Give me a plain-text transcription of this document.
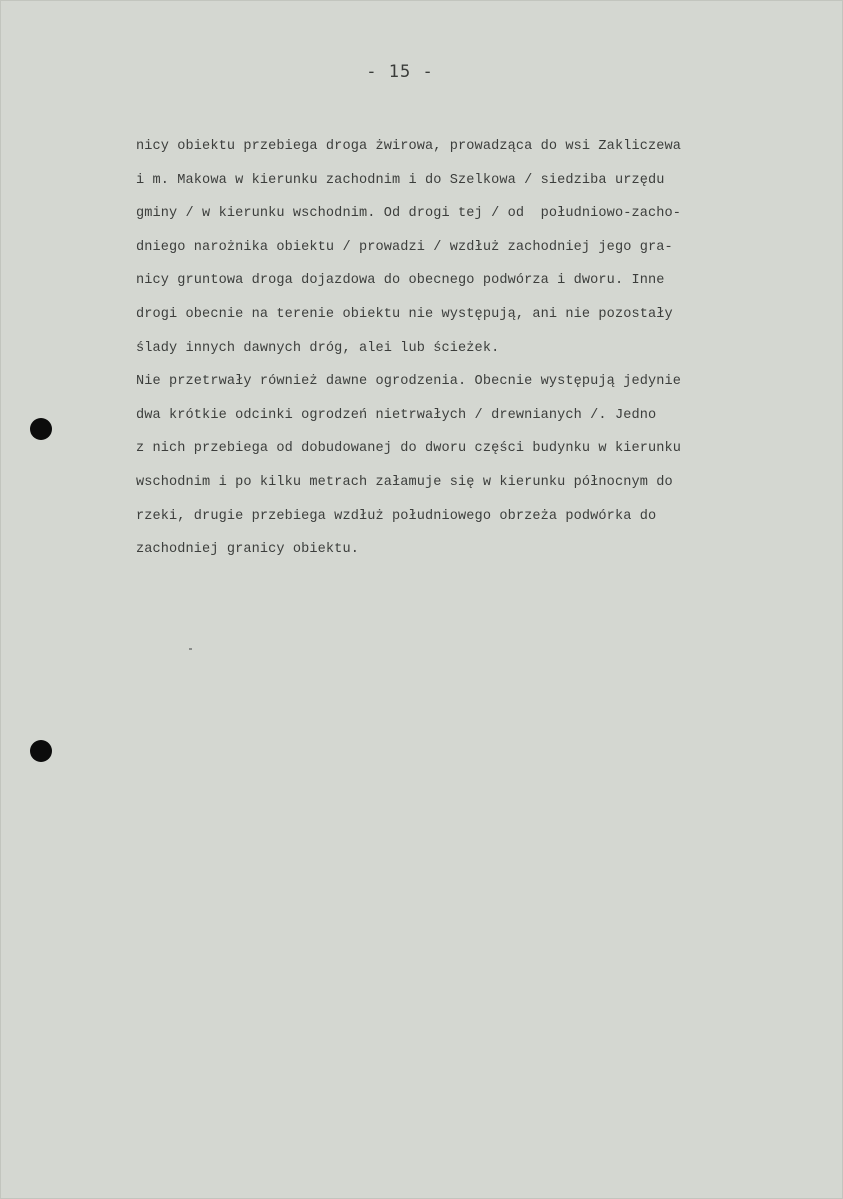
- 15 -
nicy obiektu przebiega droga żwirowa, prowadząca do wsi Zakliczewa
i m. Makowa w kierunku zachodnim i do Szelkowa / siedziba urzędu
gminy / w kierunku wschodnim. Od drogi tej / od  południowo-zacho-
dniego narożnika obiektu / prowadzi / wzdłuż zachodniej jego gra-
nicy gruntowa droga dojazdowa do obecnego podwórza i dworu. Inne
drogi obecnie na terenie obiektu nie występują, ani nie pozostały
ślady innych dawnych dróg, alei lub ścieżek.
Nie przetrwały również dawne ogrodzenia. Obecnie występują jedynie
dwa krótkie odcinki ogrodzeń nietrwałych / drewnianych /. Jedno
z nich przebiega od dobudowanej do dworu części budynku w kierunku
wschodnim i po kilku metrach załamuje się w kierunku północnym do
rzeki, drugie przebiega wzdłuż południowego obrzeża podwórka do
zachodniej granicy obiektu.
